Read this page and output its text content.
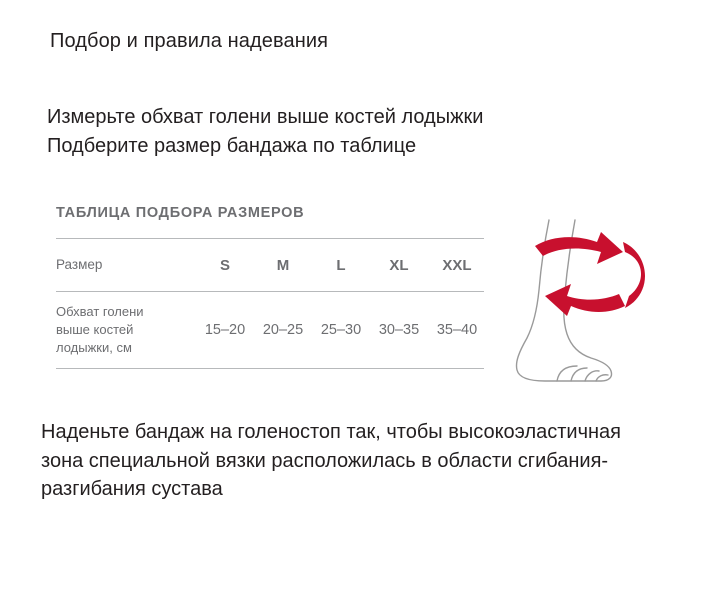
Подбор и правила надевания
Измерьте обхват голени выше костей лодыжки
Подберите размер бандажа по таблице
ТАБЛИЦА ПОДБОРА РАЗМЕРОВ
Размер	S	M	L	XL	XXL
Обхват голени
выше костей
лодыжки, см
15–20	20–25	25–30	30–35	35–40
Наденьте бандаж на голеностоп так, чтобы высокоэластичная зона специальной вязки расположилась в области сгибания-разгибания сустава
